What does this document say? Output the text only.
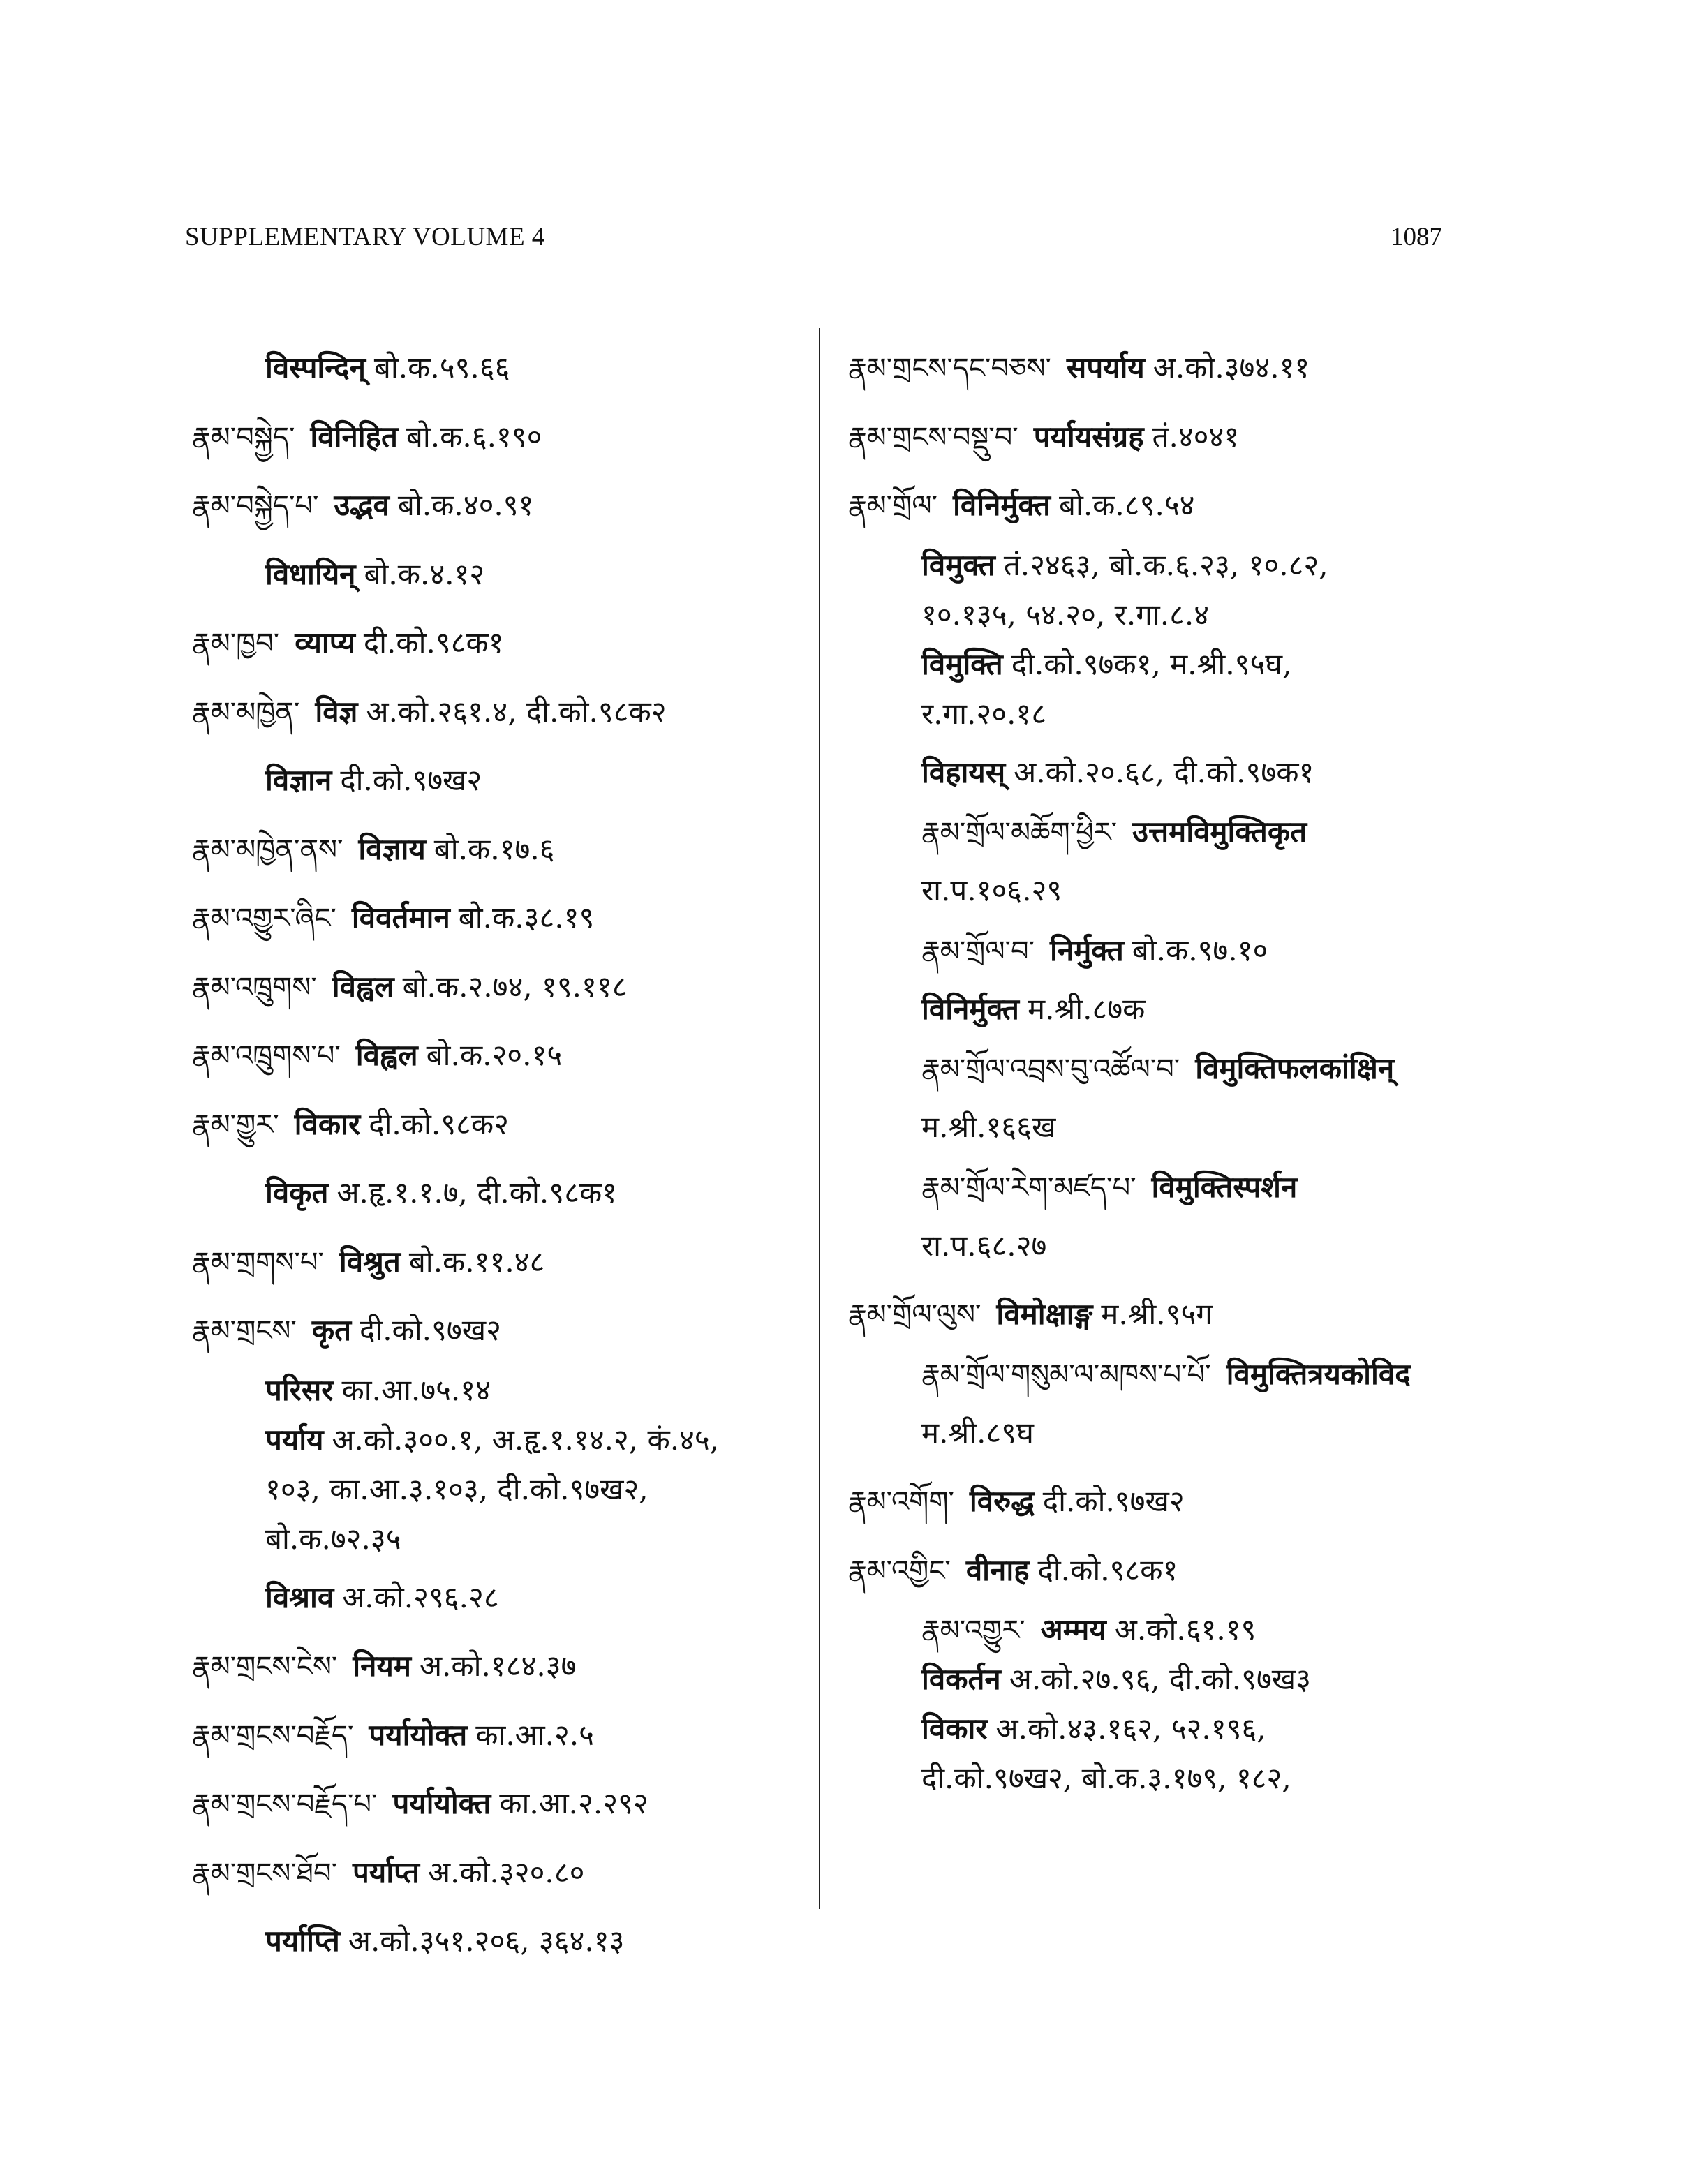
SUPPLEMENTARY VOLUME 4	1087
विस्पन्दिन् बो.क.५९.६६
རྣམ་བསྐྱེད་ विनिहित बो.क.६.१९०
རྣམ་བསྐྱེད་པ་ उद्भव बो.क.४०.९१
विधायिन् बो.क.४.१२
རྣམ་ཁྱབ་ व्याप्य दी.को.९८क१
རྣམ་མཁྱེན་ विज्ञ अ.को.२६१.४, दी.को.९८क२
विज्ञान दी.को.९७ख२
རྣམ་མཁྱེན་ནས་ विज्ञाय बो.क.१७.६
རྣམ་འགྱུར་ཞིང་ विवर्तमान बो.क.३८.१९
རྣམ་འཁྲུགས་ विह्वल बो.क.२.७४, १९.११८
རྣམ་འཁྲུགས་པ་ विह्वल बो.क.२०.१५
རྣམ་གྱུར་ विकार दी.को.९८क२
विकृत अ.हृ.१.१.७, दी.को.९८क१
རྣམ་གྲགས་པ་ विश्रुत बो.क.११.४८
རྣམ་གྲངས་ कृत दी.को.९७ख२
परिसर का.आ.७५.१४
पर्याय अ.को.३००.१, अ.हृ.१.१४.२, कं.४५,
१०३, का.आ.३.१०३, दी.को.९७ख२,
बो.क.७२.३५
विश्राव अ.को.२९६.२८
རྣམ་གྲངས་ངེས་ नियम अ.को.१८४.३७
རྣམ་གྲངས་བརྗོད་ पर्यायोक्त का.आ.२.५
རྣམ་གྲངས་བརྗོད་པ་ पर्यायोक्त का.आ.२.२९२
རྣམ་གྲངས་ཐོབ་ पर्याप्त अ.को.३२०.८०
पर्याप्ति अ.को.३५१.२०६, ३६४.१३
རྣམ་གྲངས་དང་བཅས་ सपर्याय अ.को.३७४.११
རྣམ་གྲངས་བསྡུ་བ་ पर्यायसंग्रह तं.४०४१
རྣམ་གྲོལ་ विनिर्मुक्त बो.क.८९.५४
विमुक्त तं.२४६३, बो.क.६.२३, १०.८२,
१०.१३५, ५४.२०, र.गा.८.४
विमुक्ति दी.को.९७क१, म.श्री.९५घ,
र.गा.२०.१८
विहायस् अ.को.२०.६८, दी.को.९७क१
རྣམ་གྲོལ་མཆོག་ཕྱིར་ उत्तमविमुक्तिकृत
रा.प.१०६.२९
རྣམ་གྲོལ་བ་ निर्मुक्त बो.क.९७.१०
विनिर्मुक्त म.श्री.८७क
རྣམ་གྲོལ་འབྲས་བུ་འཚོལ་བ་ विमुक्तिफलकांक्षिन्
म.श्री.१६६ख
རྣམ་གྲོལ་རེག་མཛད་པ་ विमुक्तिस्पर्शन
रा.प.६८.२७
རྣམ་གྲོལ་ལུས་ विमोक्षाङ्ग म.श्री.९५ग
རྣམ་གྲོལ་གསུམ་ལ་མཁས་པ་པོ་ विमुक्तित्रयकोविद
म.श्री.८९घ
རྣམ་འགོག་ विरुद्ध दी.को.९७ख२
རྣམ་འགྱིང་ वीनाह दी.को.९८क१
རྣམ་འགྱུར་ अम्मय अ.को.६१.१९
विकर्तन अ.को.२७.९६, दी.को.९७ख३
विकार अ.को.४३.१६२, ५२.१९६,
दी.को.९७ख२, बो.क.३.१७९, १८२,
